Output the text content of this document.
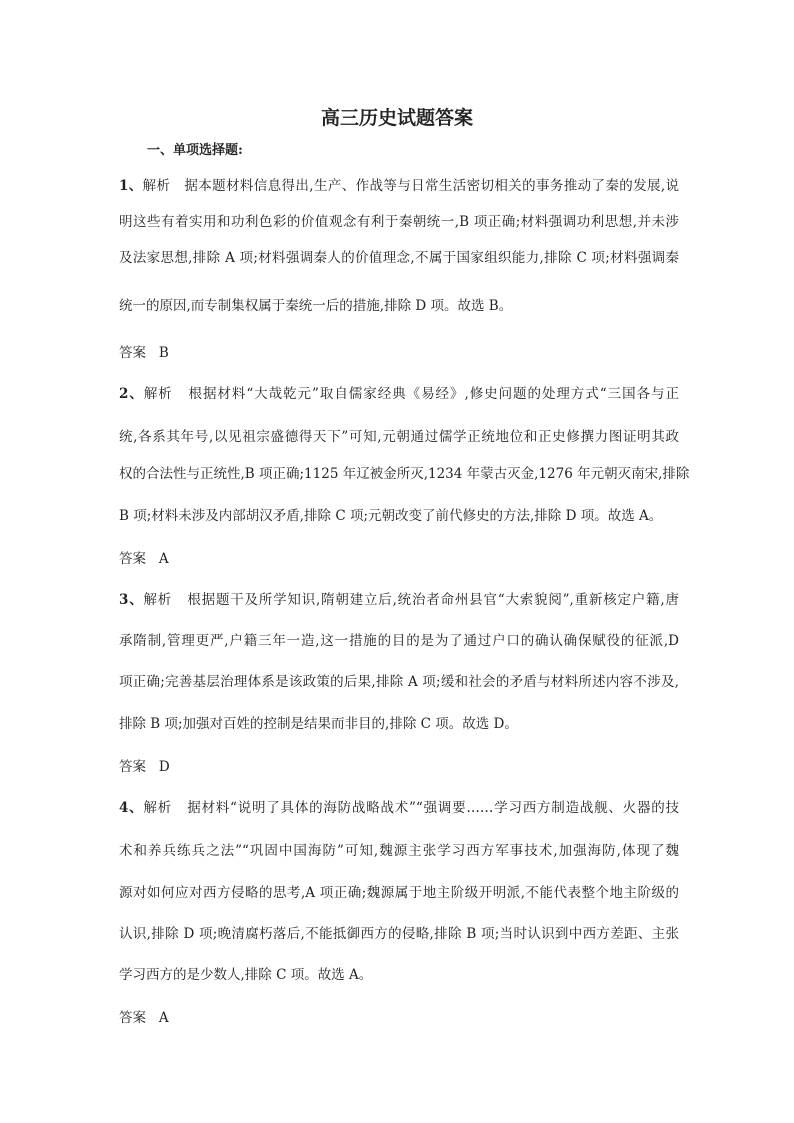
高三历史试题答案
一、单项选择题:
1、解析 据本题材料信息得出,生产、作战等与日常生活密切相关的事务推动了秦的发展,说
明这些有着实用和功利色彩的价值观念有利于秦朝统一,B 项正确;材料强调功利思想,并未涉
及法家思想,排除 A 项;材料强调秦人的价值理念,不属于国家组织能力,排除 C 项;材料强调秦
统一的原因,而专制集权属于秦统一后的措施,排除 D 项。故选 B。
答案 B
2、解析 根据材料“大哉乾元”取自儒家经典《易经》,修史问题的处理方式“三国各与正
统,各系其年号,以见祖宗盛德得天下”可知,元朝通过儒学正统地位和正史修撰力图证明其政
权的合法性与正统性,B 项正确;1125 年辽被金所灭,1234 年蒙古灭金,1276 年元朝灭南宋,排除
B 项;材料未涉及内部胡汉矛盾,排除 C 项;元朝改变了前代修史的方法,排除 D 项。故选 A。
答案 A
3、解析 根据题干及所学知识,隋朝建立后,统治者命州县官“大索貌阅”,重新核定户籍,唐
承隋制,管理更严,户籍三年一造,这一措施的目的是为了通过户口的确认确保赋役的征派,D
项正确;完善基层治理体系是该政策的后果,排除 A 项;缓和社会的矛盾与材料所述内容不涉及,
排除 B 项;加强对百姓的控制是结果而非目的,排除 C 项。故选 D。
答案 D
4、解析 据材料“说明了具体的海防战略战术”“强调要……学习西方制造战舰、火器的技
术和养兵练兵之法”“巩固中国海防”可知,魏源主张学习西方军事技术,加强海防,体现了魏
源对如何应对西方侵略的思考,A 项正确;魏源属于地主阶级开明派,不能代表整个地主阶级的
认识,排除 D 项;晚清腐朽落后,不能抵御西方的侵略,排除 B 项;当时认识到中西方差距、主张
学习西方的是少数人,排除 C 项。故选 A。
答案 A
